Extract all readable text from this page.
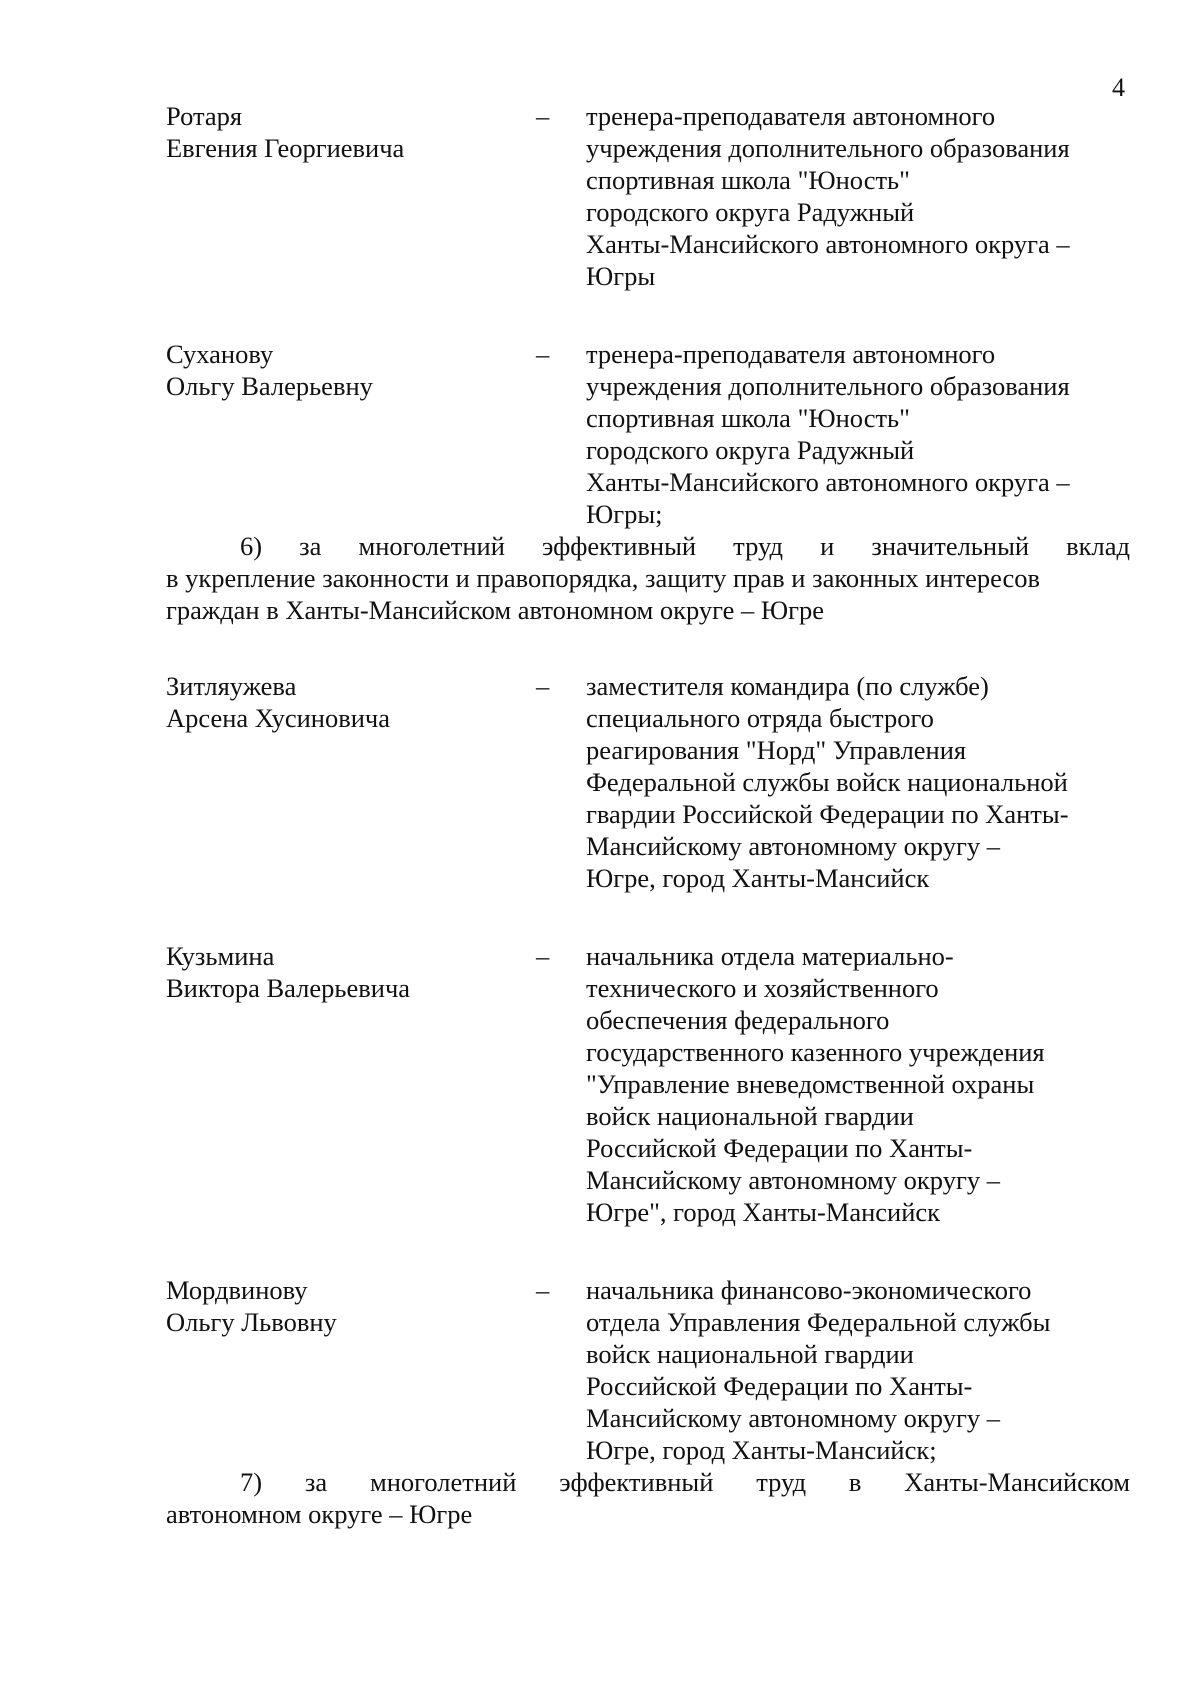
4
Ротаря
Евгения Георгиевича
–	тренера-преподавателя автономного
учреждения дополнительного образования
спортивная школа "Юность"
городского округа Радужный
Ханты-Мансийского автономного округа –
Югры
Суханову
Ольгу Валерьевну
–	тренера-преподавателя автономного
учреждения дополнительного образования
спортивная школа "Юность"
городского округа Радужный
Ханты-Мансийского автономного округа –
Югры;
6) за многолетний эффективный труд и значительный вклад
в укрепление законности и правопорядка, защиту прав и законных интересов
граждан в Ханты-Мансийском автономном округе – Югре
Зитляужева
Арсена Хусиновича
–	заместителя командира (по службе)
специального отряда быстрого
реагирования "Норд" Управления
Федеральной службы войск национальной
гвардии Российской Федерации по Ханты-
Мансийскому автономному округу –
Югре, город Ханты-Мансийск
Кузьмина
Виктора Валерьевича
–	начальника отдела материально-
технического и хозяйственного
обеспечения федерального
государственного казенного учреждения
"Управление вневедомственной охраны
войск национальной гвардии
Российской Федерации по Ханты-
Мансийскому автономному округу –
Югре", город Ханты-Мансийск
Мордвинову
Ольгу Львовну
–	начальника финансово-экономического
отдела Управления Федеральной службы
войск национальной гвардии
Российской Федерации по Ханты-
Мансийскому автономному округу –
Югре, город Ханты-Мансийск;
7) за многолетний эффективный труд в Ханты-Мансийском
автономном округе – Югре
